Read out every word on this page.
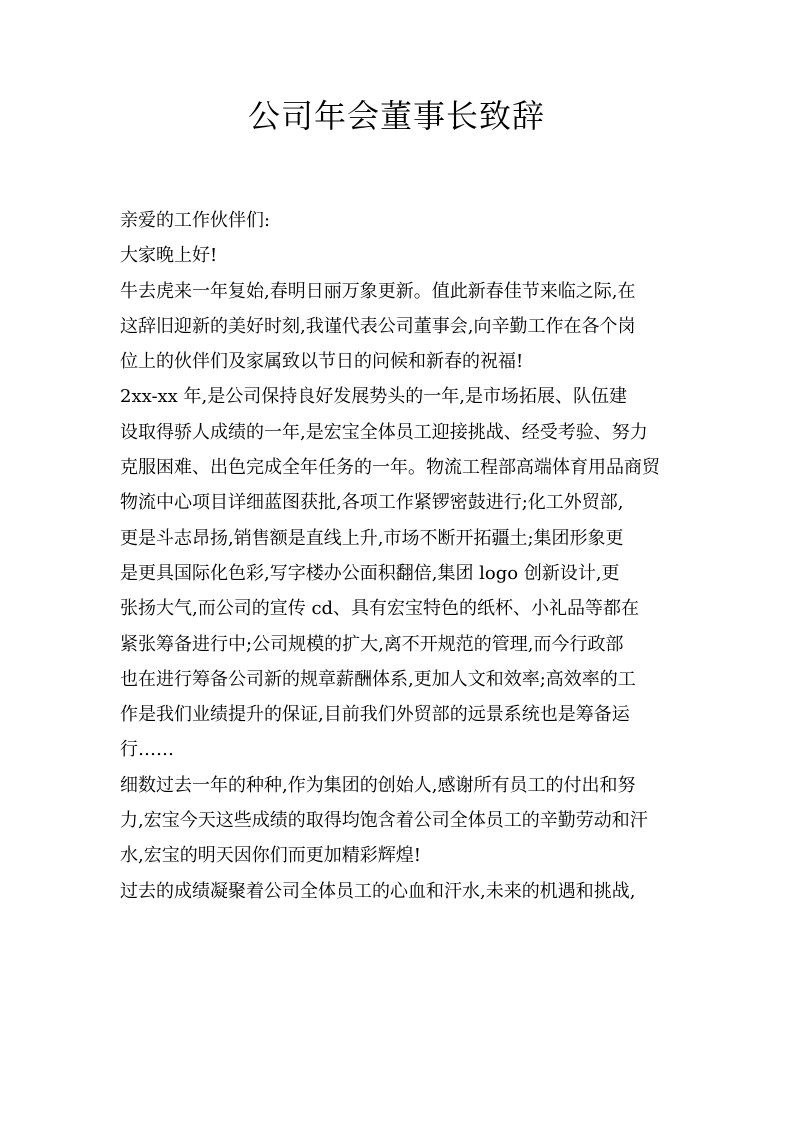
公司年会董事长致辞

亲爱的工作伙伴们:

大家晚上好!

牛去虎来一年复始,春明日丽万象更新。值此新春佳节来临之际,在
这辞旧迎新的美好时刻,我谨代表公司董事会,向辛勤工作在各个岗
位上的伙伴们及家属致以节日的问候和新春的祝福!

2xx-xx 年,是公司保持良好发展势头的一年,是市场拓展、队伍建
设取得骄人成绩的一年,是宏宝全体员工迎接挑战、经受考验、努力
克服困难、出色完成全年任务的一年。物流工程部高端体育用品商贸
物流中心项目详细蓝图获批,各项工作紧锣密鼓进行;化工外贸部,
更是斗志昂扬,销售额是直线上升,市场不断开拓疆土;集团形象更
是更具国际化色彩,写字楼办公面积翻倍,集团 logo 创新设计,更
张扬大气,而公司的宣传 cd、具有宏宝特色的纸杯、小礼品等都在
紧张筹备进行中;公司规模的扩大,离不开规范的管理,而今行政部
也在进行筹备公司新的规章薪酬体系,更加人文和效率;高效率的工
作是我们业绩提升的保证,目前我们外贸部的远景系统也是筹备运
行……

细数过去一年的种种,作为集团的创始人,感谢所有员工的付出和努
力,宏宝今天这些成绩的取得均饱含着公司全体员工的辛勤劳动和汗
水,宏宝的明天因你们而更加精彩辉煌!

过去的成绩凝聚着公司全体员工的心血和汗水,未来的机遇和挑战,
